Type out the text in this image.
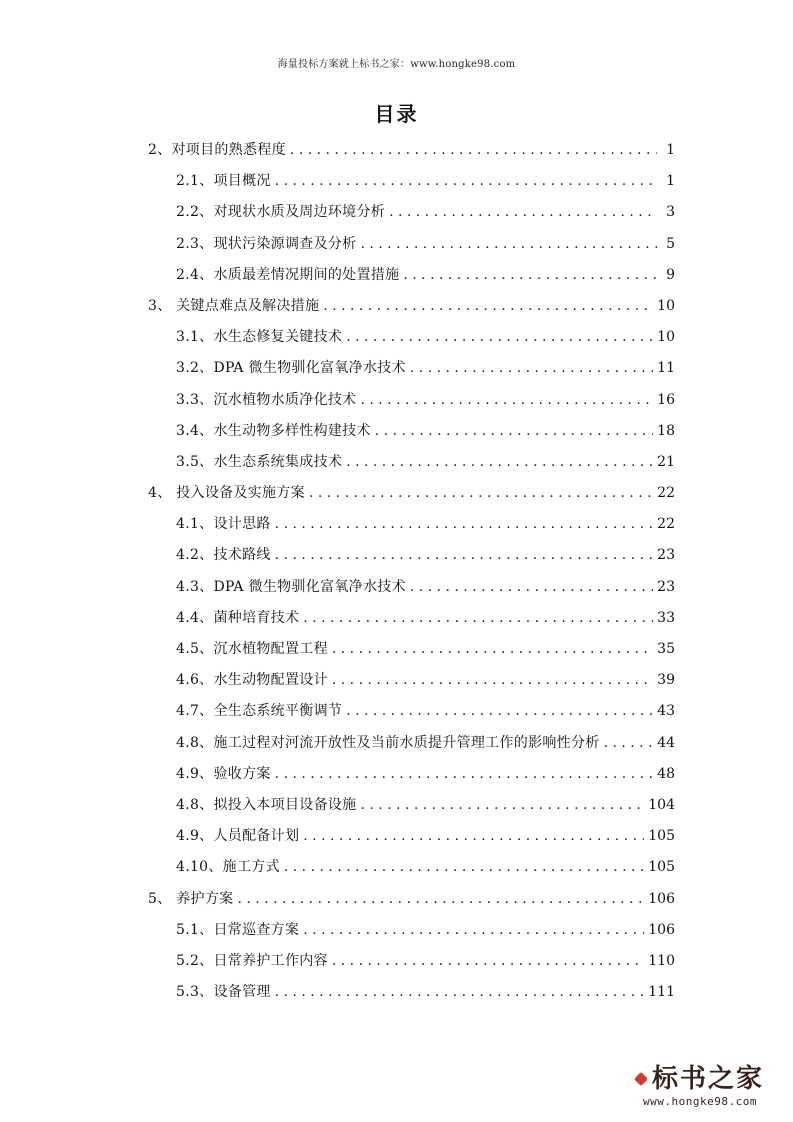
海量投标方案就上标书之家：www.hongke98.com
目录
2、对项目的熟悉程度 . . .	1
2.1、项目概况 . . .	1
2.2、对现状水质及周边环境分析 . . .	3
2.3、现状污染源调查及分析 . . .	5
2.4、水质最差情况期间的处置措施 . . .	9
3、 关键点难点及解决措施 . . .	10
3.1、水生态修复关键技术 . . .	10
3.2、DPA 微生物驯化富氧净水技术 . . .	11
3.3、沉水植物水质净化技术 . . .	16
3.4、水生动物多样性构建技术 . . .	18
3.5、水生态系统集成技术 . . .	21
4、 投入设备及实施方案 . . .	22
4.1、设计思路 . . .	22
4.2、技术路线 . . .	23
4.3、DPA 微生物驯化富氧净水技术 . . .	23
4.4、菌种培育技术 . . .	33
4.5、沉水植物配置工程 . . .	35
4.6、水生动物配置设计 . . .	39
4.7、全生态系统平衡调节 . . .	43
4.8、施工过程对河流开放性及当前水质提升管理工作的影响性分析 . . .	44
4.9、验收方案 . . .	48
4.8、拟投入本项目设备设施 . . .	104
4.9、人员配备计划 . . .	105
4.10、施工方式 . . .	105
5、 养护方案 . . .	106
5.1、日常巡查方案 . . .	106
5.2、日常养护工作内容 . . .	110
5.3、设备管理 . . .	111
标书之家
www.hongke98.com
